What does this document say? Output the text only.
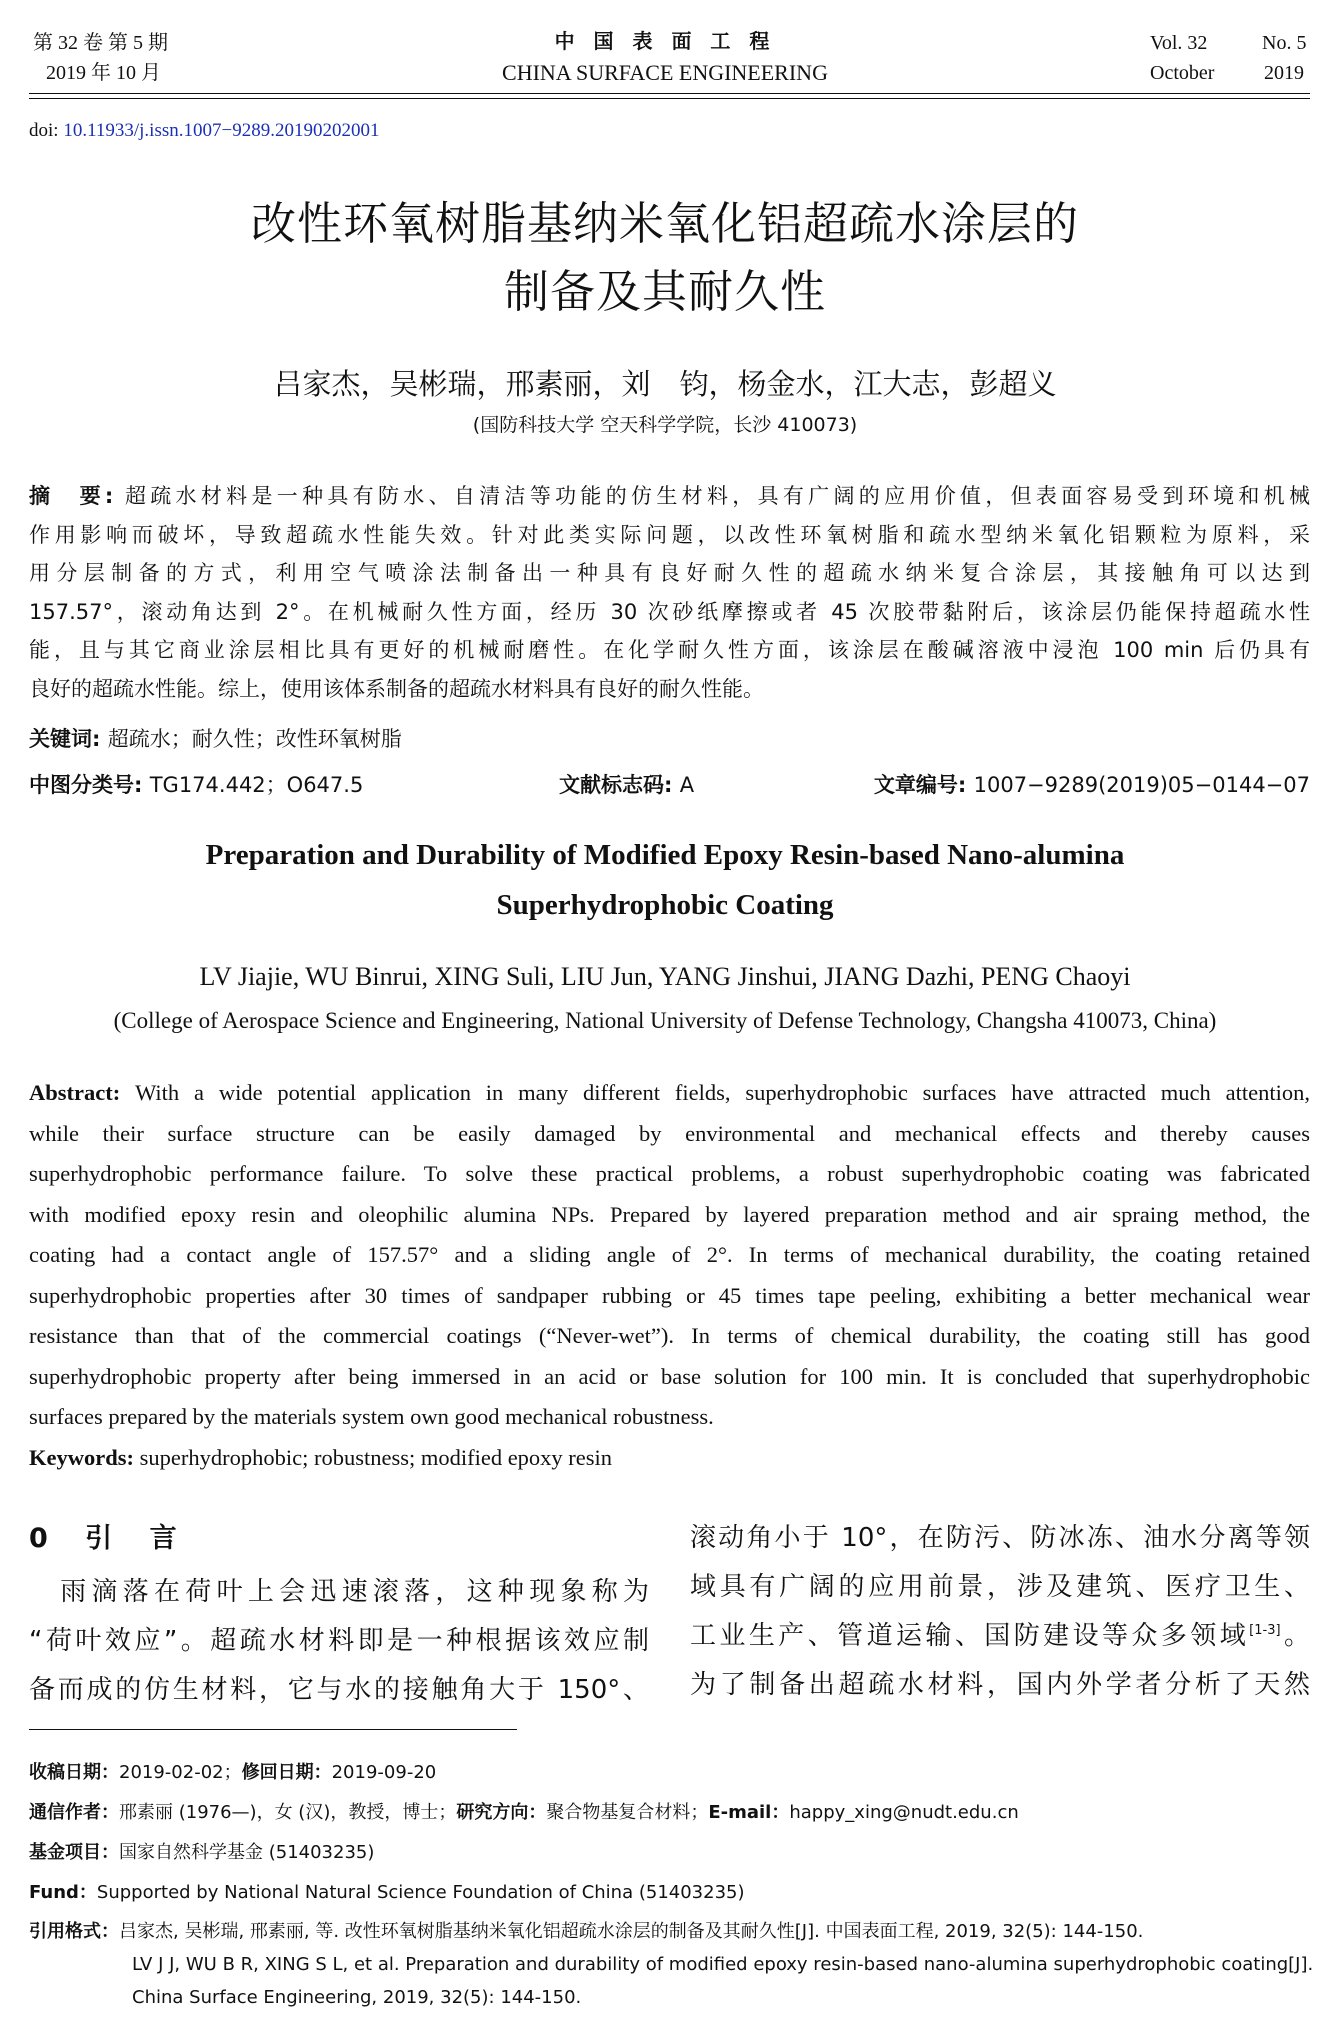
第 32 卷 第 5 期
2019 年 10 月
中 国 表 面 工 程
CHINA SURFACE ENGINEERING
Vol. 32	No. 5
October 2019
doi: 10.11933/j.issn.1007−9289.20190202001
改性环氧树脂基纳米氧化铝超疏水涂层的
制备及其耐久性
吕家杰，吴彬瑞，邢素丽，刘　钧，杨金水，江大志，彭超义
(国防科技大学 空天科学学院，长沙 410073)
摘　要: 超疏水材料是一种具有防水、自清洁等功能的仿生材料，具有广阔的应用价值，但表面容易受到环境和机械
作用影响而破坏，导致超疏水性能失效。针对此类实际问题，以改性环氧树脂和疏水型纳米氧化铝颗粒为原料，采
用分层制备的方式，利用空气喷涂法制备出一种具有良好耐久性的超疏水纳米复合涂层，其接触角可以达到
157.57°，滚动角达到 2°。在机械耐久性方面，经历 30 次砂纸摩擦或者 45 次胶带黏附后，该涂层仍能保持超疏水性
能，且与其它商业涂层相比具有更好的机械耐磨性。在化学耐久性方面，该涂层在酸碱溶液中浸泡 100 min 后仍具有
良好的超疏水性能。综上，使用该体系制备的超疏水材料具有良好的耐久性能。
关键词: 超疏水；耐久性；改性环氧树脂
中图分类号: TG174.442；O647.5	文献标志码: A	文章编号: 1007−9289(2019)05−0144−07
Preparation and Durability of Modified Epoxy Resin-based Nano-alumina
Superhydrophobic Coating
LV Jiajie, WU Binrui, XING Suli, LIU Jun, YANG Jinshui, JIANG Dazhi, PENG Chaoyi
(College of Aerospace Science and Engineering, National University of Defense Technology, Changsha 410073, China)
Abstract: With a wide potential application in many different fields, superhydrophobic surfaces have attracted much attention,
while their surface structure can be easily damaged by environmental and mechanical effects and thereby causes
superhydrophobic performance failure. To solve these practical problems, a robust superhydrophobic coating was fabricated
with modified epoxy resin and oleophilic alumina NPs. Prepared by layered preparation method and air spraing method, the
coating had a contact angle of 157.57° and a sliding angle of 2°. In terms of mechanical durability, the coating retained
superhydrophobic properties after 30 times of sandpaper rubbing or 45 times tape peeling, exhibiting a better mechanical wear
resistance than that of the commercial coatings (“Never-wet”). In terms of chemical durability, the coating still has good
superhydrophobic property after being immersed in an acid or base solution for 100 min. It is concluded that superhydrophobic
surfaces prepared by the materials system own good mechanical robustness.
Keywords: superhydrophobic; robustness; modified epoxy resin
0 引 言
　雨滴落在荷叶上会迅速滚落，这种现象称为
“荷叶效应”。超疏水材料即是一种根据该效应制
备而成的仿生材料，它与水的接触角大于 150°、
滚动角小于 10°，在防污、防冰冻、油水分离等领
域具有广阔的应用前景，涉及建筑、医疗卫生、
工业生产、管道运输、国防建设等众多领域[1-3]。
为了制备出超疏水材料，国内外学者分析了天然
收稿日期：2019-02-02；修回日期：2019-09-20
通信作者：邢素丽 (1976—)，女 (汉)，教授，博士；研究方向：聚合物基复合材料；E-mail：happy_xing@nudt.edu.cn
基金项目：国家自然科学基金 (51403235)
Fund：Supported by National Natural Science Foundation of China (51403235)
引用格式：吕家杰, 吴彬瑞, 邢素丽, 等. 改性环氧树脂基纳米氧化铝超疏水涂层的制备及其耐久性[J]. 中国表面工程, 2019, 32(5): 144-150.
LV J J, WU B R, XING S L, et al. Preparation and durability of modified epoxy resin-based nano-alumina superhydrophobic coating[J].
China Surface Engineering, 2019, 32(5): 144-150.
